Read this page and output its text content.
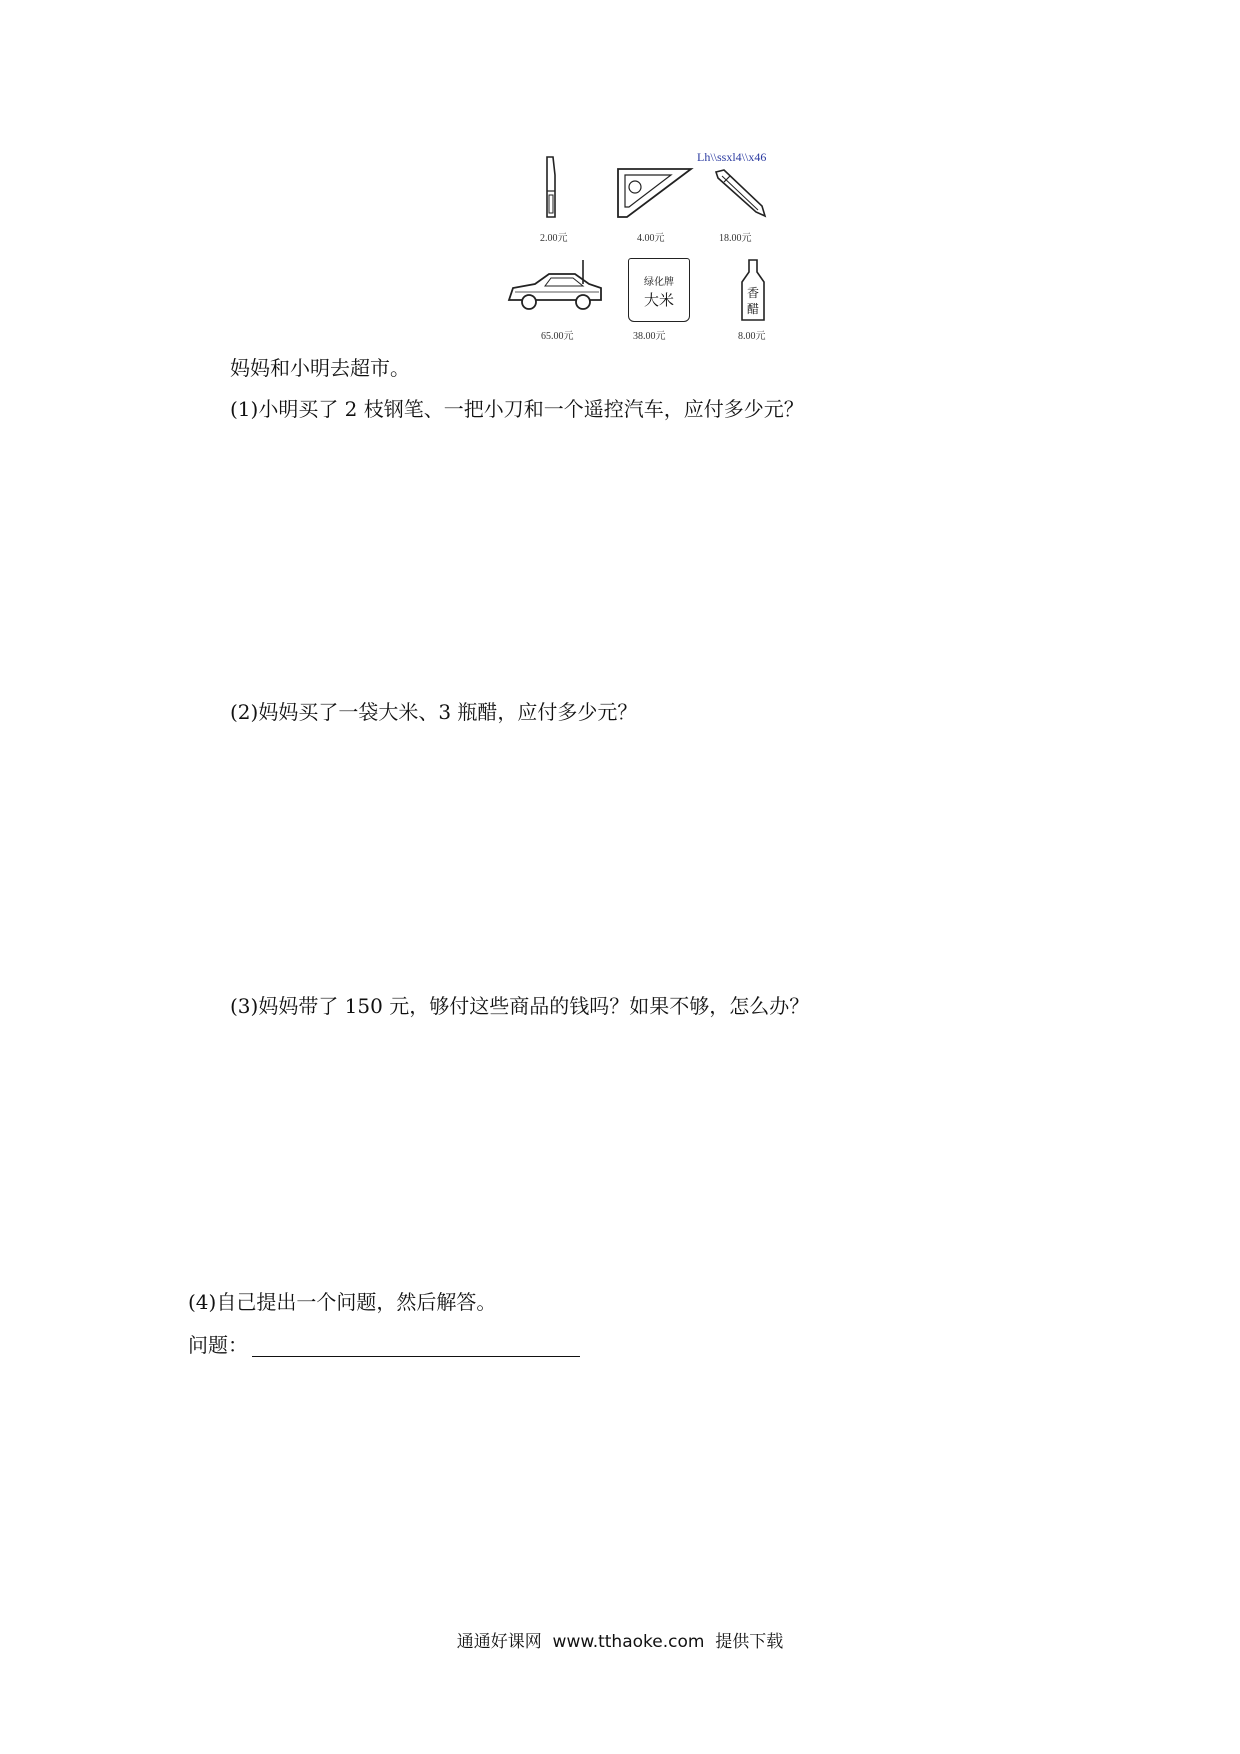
2.00元	4.00元
Lh\\ssxl4\\x46
18.00元
65.00元
绿化牌
大米
38.00元
香
醋
8.00元
妈妈和小明去超市。
(1)小明买了 2 枝钢笔、一把小刀和一个遥控汽车，应付多少元？
(2)妈妈买了一袋大米、3 瓶醋，应付多少元？
(3)妈妈带了 150 元，够付这些商品的钱吗？如果不够，怎么办？
(4)自己提出一个问题，然后解答。
问题：
通通好课网  www.tthaoke.com  提供下载
